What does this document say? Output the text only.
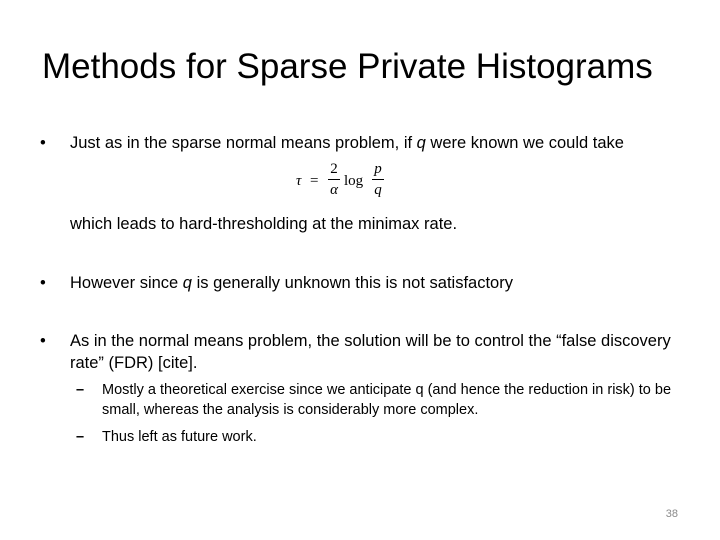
Methods for Sparse Private Histograms
• Just as in the sparse normal means problem, if q were known we could take
τ =
2
α
log
p
q
which leads to hard-thresholding at the minimax rate.
• However since q is generally unknown this is not satisfactory
• As in the normal means problem, the solution will be to control the “false discovery rate” (FDR) [cite].
– Mostly a theoretical exercise since we anticipate q (and hence the reduction in risk) to be small, whereas the analysis is considerably more complex.
– Thus left as future work.
38
